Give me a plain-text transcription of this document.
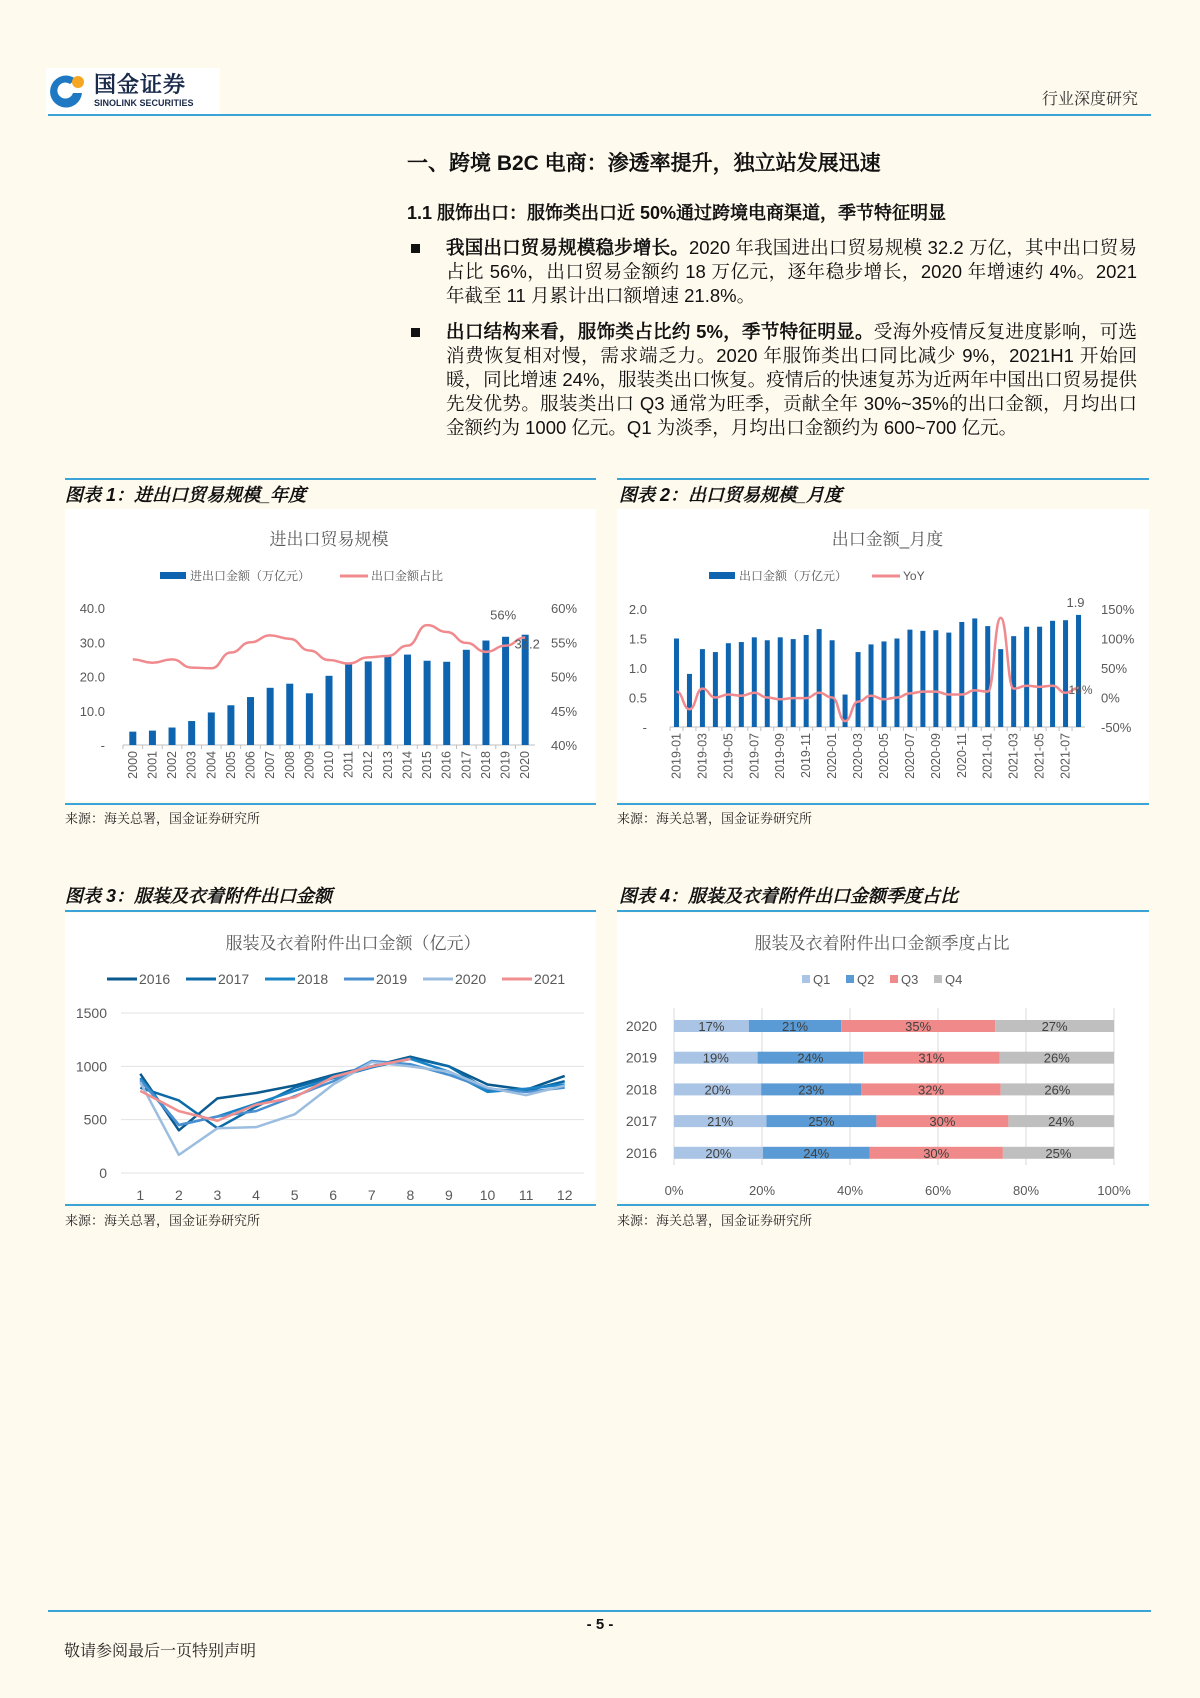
国金证券
SINOLINK SECURITIES	行业深度研究
一、跨境 B2C 电商：渗透率提升，独立站发展迅速
1.1 服饰出口：服饰类出口近 50%通过跨境电商渠道，季节特征明显
我国出口贸易规模稳步增长。2020 年我国进出口贸易规模 32.2 万亿，其中出口贸易占比 56%，出口贸易金额约 18 万亿元，逐年稳步增长，2020 年增速约 4%。2021 年截至 11 月累计出口额增速 21.8%。
出口结构来看，服饰类占比约 5%，季节特征明显。受海外疫情反复进度影响，可选消费恢复相对慢，需求端乏力。2020 年服饰类出口同比减少 9%，2021H1 开始回暖，同比增速 24%，服装类出口恢复。疫情后的快速复苏为近两年中国出口贸易提供先发优势。服装类出口 Q3 通常为旺季，贡献全年 30%~35%的出口金额，月均出口金额约为 1000 亿元。Q1 为淡季，月均出口金额约为 600~700 亿元。
图表 1：进出口贸易规模_年度
进出口贸易规模
进出口金额（万亿元）	出口金额占比
-
10.0
20.0
30.0
40.0
40%
45%
50%
55%
60%
2000 2001 2002 2003 2004 2005 2006 2007 2008 2009 2010 2011 2012 2013 2014 2015 2016 2017 2018 2019 2020
56%
32.2
来源：海关总署，国金证券研究所
图表 2：出口贸易规模_月度
出口金额_月度
出口金额（万亿元）	YoY
-
0.5
1.0
1.5
2.0
-50%
0%
50%
100%
150%
2019-01 2019-03 2019-05 2019-07 2019-09 2019-11 2020-01 2020-03 2020-05 2020-07 2020-09 2020-11 2021-01 2021-03 2021-05 2021-07
1.9
16%
来源：海关总署，国金证券研究所
图表 3：服装及衣着附件出口金额
服装及衣着附件出口金额（亿元）
2016	2017	2018	2019	2020	2021
0
500
1000
1500
1 2 3 4 5 6 7 8 9 10 11 12
来源：海关总署，国金证券研究所
图表 4：服装及衣着附件出口金额季度占比
服装及衣着附件出口金额季度占比
Q1 Q2 Q3 Q4
0%	20%	40%	60%	80%	100%
2020	17%	21%	35%	27%
2019	19%	24%	31%	26%
2018	20%	23%	32%	26%
2017	21%	25%	30%	24%
2016	20%	24%	30%	25%
来源：海关总署，国金证券研究所
- 5 -
敬请参阅最后一页特别声明
